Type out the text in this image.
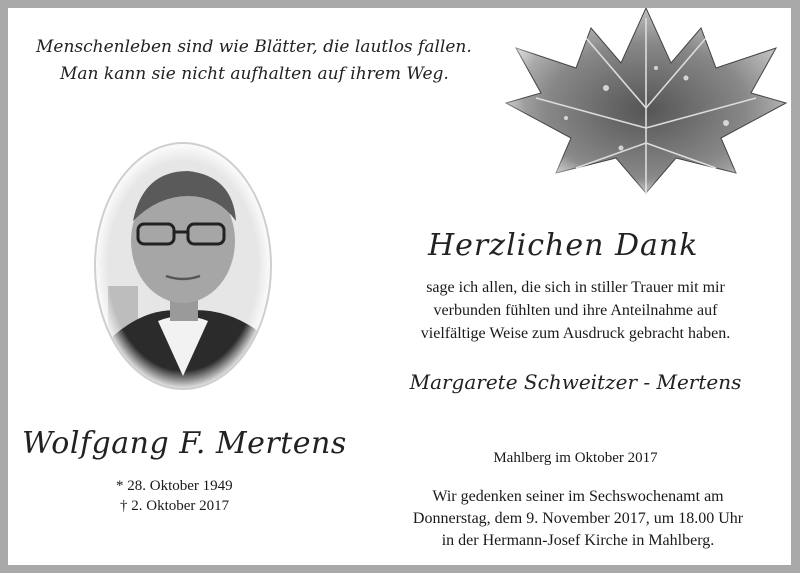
Menschenleben sind wie Blätter, die lautlos fallen.
Man kann sie nicht aufhalten auf ihrem Weg.
Wolfgang F. Mertens
* 28. Oktober 1949
† 2. Oktober 2017
Herzlichen Dank
sage ich allen, die sich in stiller Trauer mit mir
verbunden fühlten und ihre Anteilnahme auf
vielfältige Weise zum Ausdruck gebracht haben.
Margarete Schweitzer - Mertens
Mahlberg im Oktober 2017
Wir gedenken seiner im Sechswochenamt am
Donnerstag, dem 9. November 2017, um 18.00 Uhr
in der Hermann-Josef Kirche in Mahlberg.
